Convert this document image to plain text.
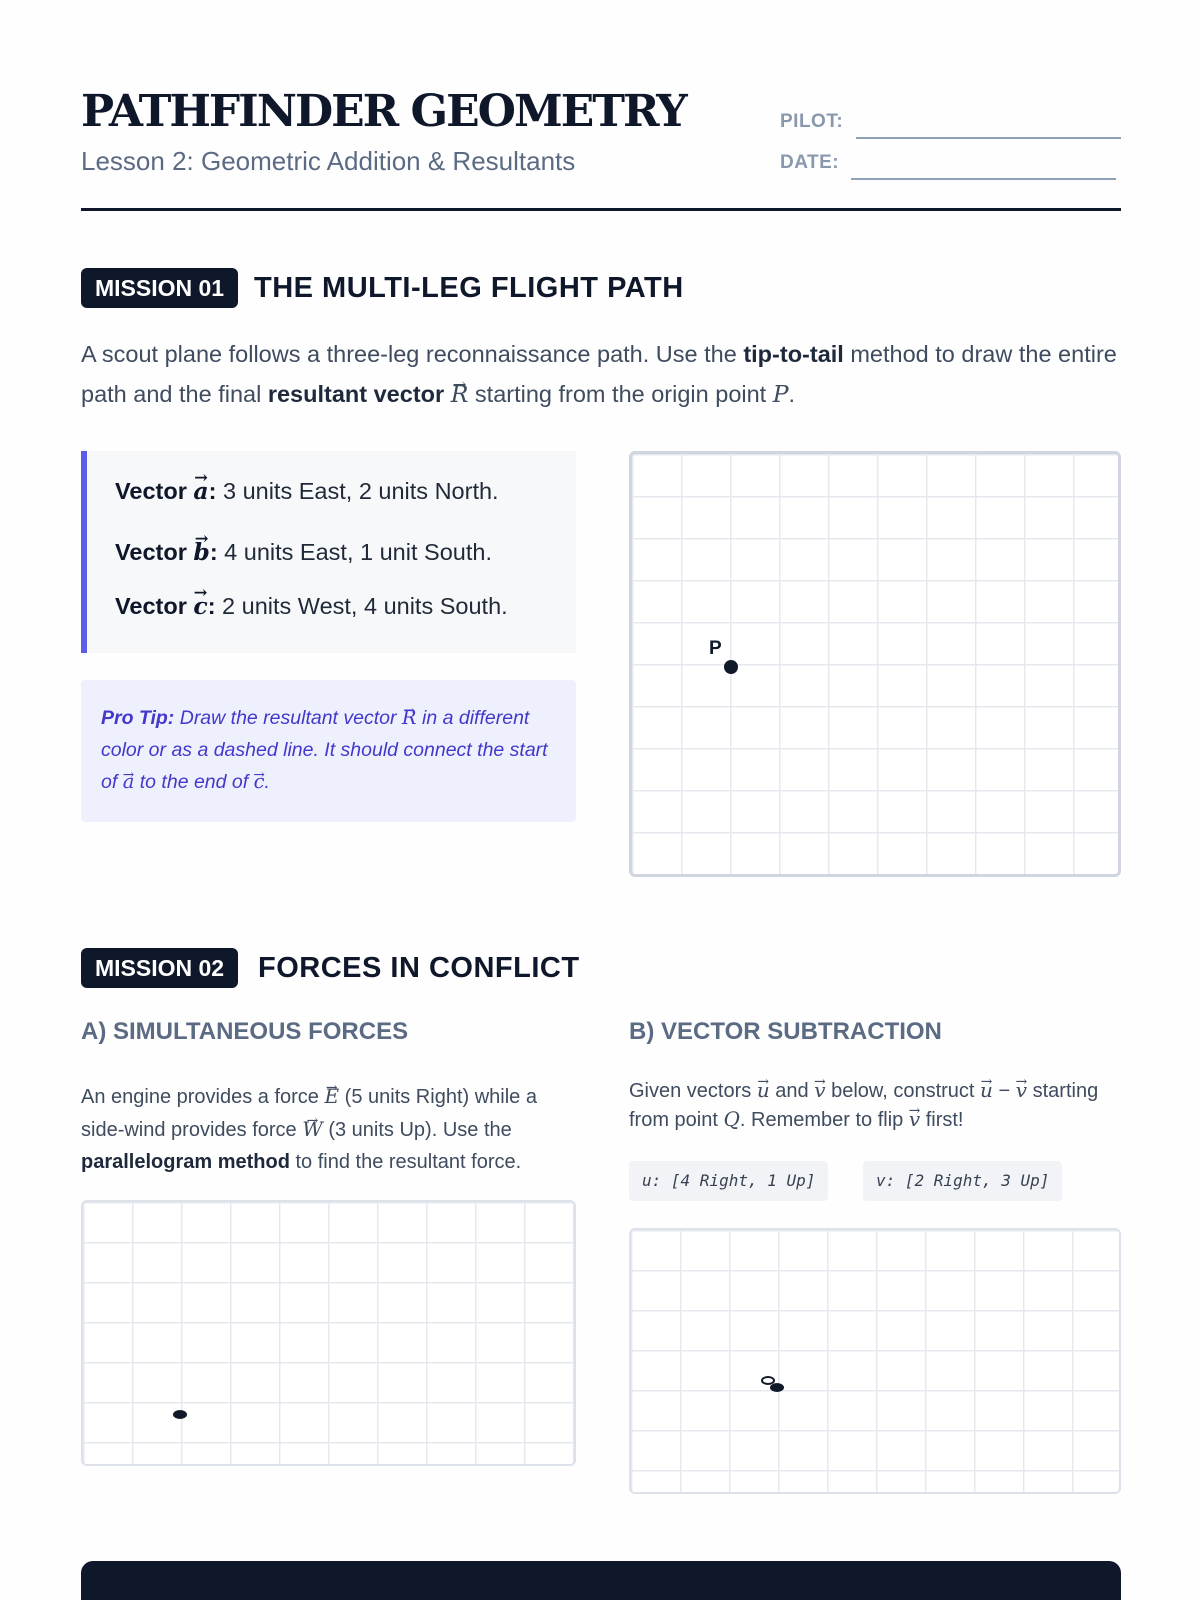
PATHFINDER GEOMETRY
Lesson 2: Geometric Addition & Resultants
PILOT:
DATE:
MISSION 01	THE MULTI-LEG FLIGHT PATH
A scout plane follows a three-leg reconnaissance path. Use the tip-to-tail method to draw the entire path and the final resultant vector → R starting from the origin point P.
Vector → a: 3 units East, 2 units North.
Vector → b: 4 units East, 1 unit South.
Vector → c: 2 units West, 4 units South.
Pro Tip: Draw the resultant vector → R in a different color or as a dashed line. It should connect the start of → a to the end of → c.
P
MISSION 02	FORCES IN CONFLICT
A) SIMULTANEOUS FORCES
An engine provides a force → E (5 units Right) while a side-wind provides force → W (3 units Up). Use the parallelogram method to find the resultant force.
B) VECTOR SUBTRACTION
Given vectors → u and → v below, construct → u − → v starting from point Q. Remember to flip → v first!
u: [4 Right, 1 Up]	v: [2 Right, 3 Up]
